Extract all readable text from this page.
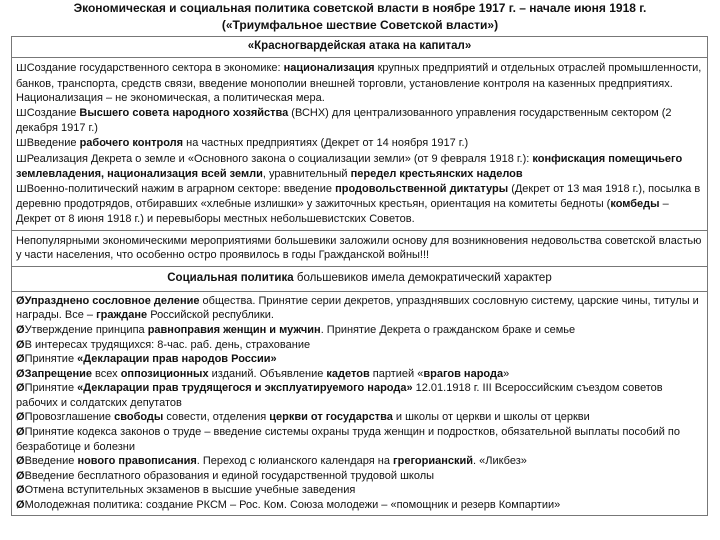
Экономическая и социальная политика советской власти в ноябре 1917 г. – начале июня 1918 г.
(«Триумфальное шествие Советской власти»)
«Красногвардейская атака на капитал»
ШСоздание государственного сектора в экономике: национализация крупных предприятий и отдельных отраслей промышленности, банков, транспорта, средств связи, введение монополии внешней торговли, установление контроля на казенных предприятиях. Национализация – не экономическая, а политическая мера.
ШСоздание Высшего совета народного хозяйства (ВСНХ) для централизованного управления государственным сектором (2 декабря 1917 г.)
ШВведение рабочего контроля на частных предприятиях (Декрет от 14 ноября 1917 г.)
ШРеализация Декрета о земле и «Основного закона о социализации земли» (от 9 февраля 1918 г.): конфискация помещичьего землевладения, национализация всей земли, уравнительный передел крестьянских наделов
ШВоенно-политический нажим в аграрном секторе: введение продовольственной диктатуры (Декрет от 13 мая 1918 г.), посылка в деревню продотрядов, отбиравших «хлебные излишки» у зажиточных крестьян, ориентация на комитеты бедноты (комбеды – Декрет от 8 июня 1918 г.) и перевыборы местных небольшевистских Советов.
Непопулярными экономическими мероприятиями большевики заложили основу для возникновения недовольства советской властью у части населения, что особенно остро проявилось в годы Гражданской войны!!!
Социальная политика большевиков имела демократический характер
ØУпразднено сословное деление общества. Принятие серии декретов, упразднявших сословную систему, царские чины, титулы и награды. Все – граждане Российской республики.
ØУтверждение принципа равноправия женщин и мужчин. Принятие Декрета о гражданском браке и семье
ØВ интересах трудящихся: 8-час. раб. день, страхование
ØПринятие «Декларации прав народов России»
ØЗапрещение всех оппозиционных изданий. Объявление кадетов партией «врагов народа»
ØПринятие «Декларации прав трудящегося и эксплуатируемого народа» 12.01.1918 г. III Всероссийским съездом советов рабочих и солдатских депутатов
ØПровозглашение свободы совести, отделения церкви от государства и школы от церкви и школы от церкви
ØПринятие кодекса законов о труде – введение системы охраны труда женщин и подростков, обязательной выплаты пособий по безработице и болезни
ØВведение нового правописания. Переход с юлианского календаря на грегорианский. «Ликбез»
ØВведение бесплатного образования и единой государственной трудовой школы
ØОтмена вступительных экзаменов в высшие учебные заведения
ØМолодежная политика: создание РКСМ – Рос. Ком. Союза молодежи – «помощник и резерв Компартии»
